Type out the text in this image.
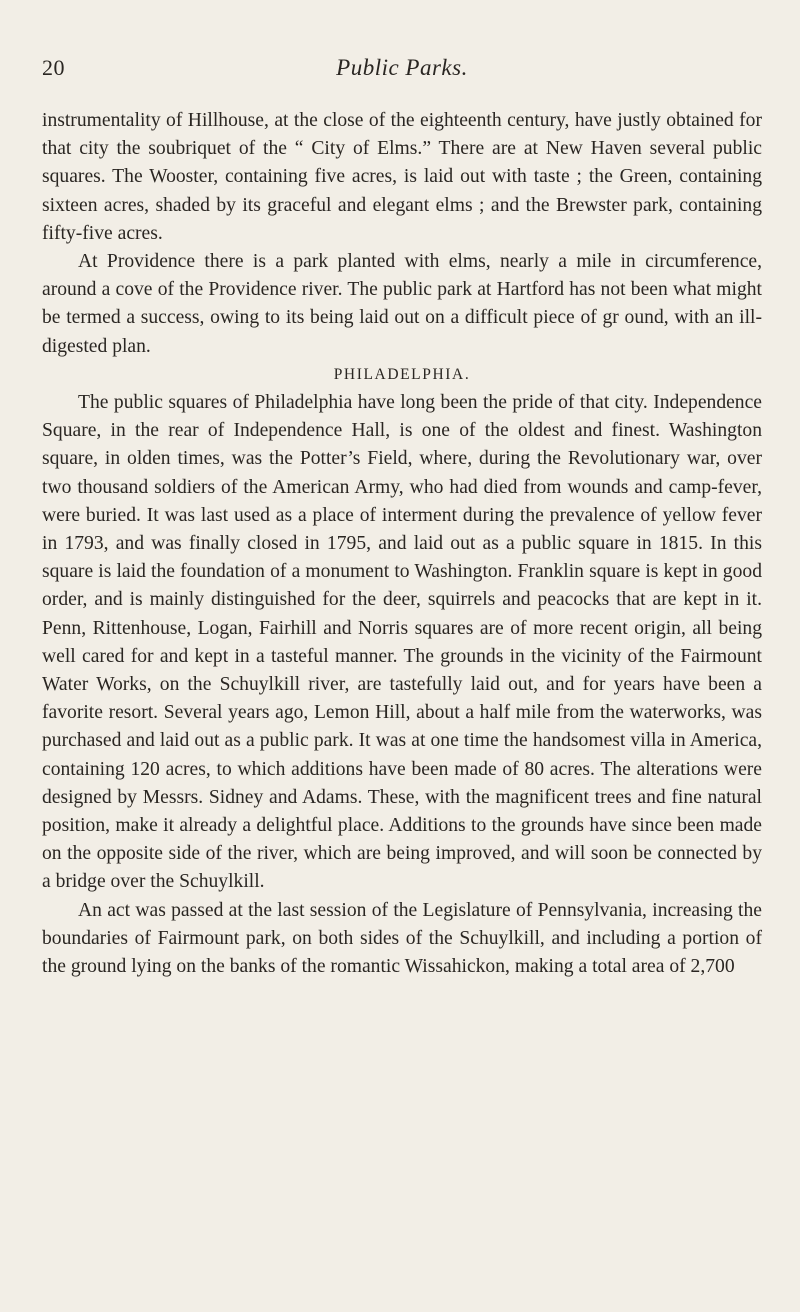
20	Public Parks.

instrumentality of Hillhouse, at the close of the eighteenth century, have justly obtained for that city the soubriquet of the “ City of Elms.” There are at New Haven several public squares. The Wooster, containing five acres, is laid out with taste ; the Green, containing sixteen acres, shaded by its graceful and elegant elms ; and the Brewster park, containing fifty-five acres.

At Providence there is a park planted with elms, nearly a mile in circumference, around a cove of the Providence river. The public park at Hartford has not been what might be termed a success, owing to its being laid out on a difficult piece of gr ound, with an ill-digested plan.

PHILADELPHIA.

The public squares of Philadelphia have long been the pride of that city. Independence Square, in the rear of Independence Hall, is one of the oldest and finest. Washington square, in olden times, was the Potter’s Field, where, during the Revolutionary war, over two thousand soldiers of the American Army, who had died from wounds and camp-fever, were buried. It was last used as a place of interment during the prevalence of yellow fever in 1793, and was finally closed in 1795, and laid out as a public square in 1815. In this square is laid the foundation of a monument to Washington. Franklin square is kept in good order, and is mainly distinguished for the deer, squirrels and peacocks that are kept in it. Penn, Rittenhouse, Logan, Fairhill and Norris squares are of more recent origin, all being well cared for and kept in a tasteful manner. The grounds in the vicinity of the Fairmount Water Works, on the Schuylkill river, are tastefully laid out, and for years have been a favorite resort. Several years ago, Lemon Hill, about a half mile from the waterworks, was purchased and laid out as a public park. It was at one time the handsomest villa in America, containing 120 acres, to which additions have been made of 80 acres. The alterations were designed by Messrs. Sidney and Adams. These, with the magnificent trees and fine natural position, make it already a delightful place. Additions to the grounds have since been made on the opposite side of the river, which are being improved, and will soon be connected by a bridge over the Schuylkill.

An act was passed at the last session of the Legislature of Pennsylvania, increasing the boundaries of Fairmount park, on both sides of the Schuylkill, and including a portion of the ground lying on the banks of the romantic Wissahickon, making a total area of 2,700
